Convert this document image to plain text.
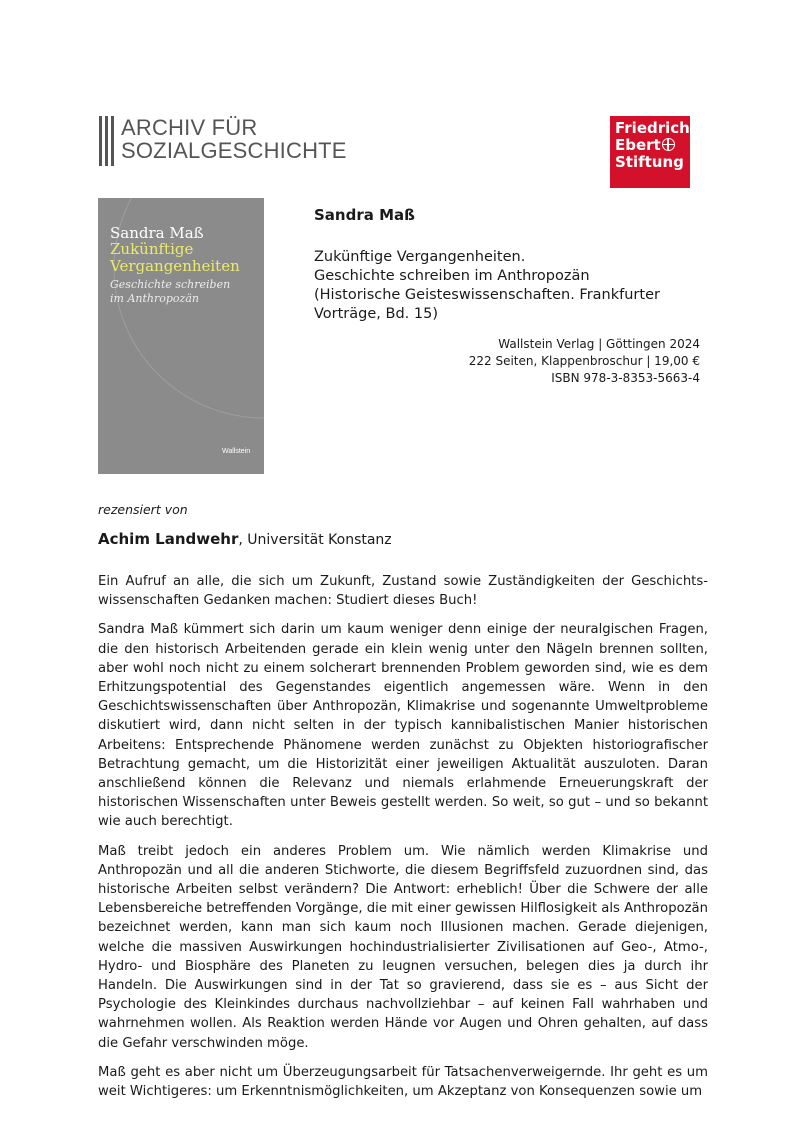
ARCHIV FÜR
SOZIALGESCHICHTE
Friedrich
Ebert
Stiftung
Sandra Maß
Zukünftige
Vergangenheiten
Geschichte schreiben
im Anthropozän
Wallstein
Sandra Maß
Zukünftige Vergangenheiten.
Geschichte schreiben im Anthropozän
(Historische Geisteswissenschaften. Frankfurter
Vorträge, Bd. 15)
Wallstein Verlag | Göttingen 2024
222 Seiten, Klappenbroschur | 19,00 €
ISBN 978-3-8353-5663-4
rezensiert von
Achim Landwehr, Universität Konstanz

Ein Aufruf an alle, die sich um Zukunft, Zustand sowie Zuständigkeiten der Geschichtswissenschaften Gedanken machen: Studiert dieses Buch!

Sandra Maß kümmert sich darin um kaum weniger denn einige der neuralgischen Fragen, die den historisch Arbeitenden gerade ein klein wenig unter den Nägeln brennen sollten, aber wohl noch nicht zu einem solcherart brennenden Problem geworden sind, wie es dem Erhitzungspotential des Gegenstandes eigentlich angemessen wäre. Wenn in den Geschichtswissenschaften über Anthropozän, Klimakrise und sogenannte Umweltprobleme diskutiert wird, dann nicht selten in der typisch kannibalistischen Manier historischen Arbeitens: Entsprechende Phänomene werden zunächst zu Objekten historiografischer Betrachtung gemacht, um die Historizität einer jeweiligen Aktualität auszuloten. Daran anschließend können die Relevanz und niemals erlahmende Erneuerungskraft der historischen Wissenschaften unter Beweis gestellt werden. So weit, so gut – und so bekannt wie auch berechtigt.

Maß treibt jedoch ein anderes Problem um. Wie nämlich werden Klimakrise und Anthropozän und all die anderen Stichworte, die diesem Begriffsfeld zuzuordnen sind, das historische Arbeiten selbst verändern? Die Antwort: erheblich! Über die Schwere der alle Lebensbereiche betreffenden Vorgänge, die mit einer gewissen Hilflosigkeit als Anthropozän bezeichnet werden, kann man sich kaum noch Illusionen machen. Gerade diejenigen, welche die massiven Auswirkungen hochindustrialisierter Zivilisationen auf Geo-, Atmo-, Hydro- und Biosphäre des Planeten zu leugnen versuchen, belegen dies ja durch ihr Handeln. Die Auswirkungen sind in der Tat so gravierend, dass sie es – aus Sicht der Psychologie des Kleinkindes durchaus nachvollziehbar – auf keinen Fall wahrhaben und wahrnehmen wollen. Als Reaktion werden Hände vor Augen und Ohren gehalten, auf dass die Gefahr verschwinden möge.

Maß geht es aber nicht um Überzeugungsarbeit für Tatsachenverweigernde. Ihr geht es um weit Wichtigeres: um Erkenntnismöglichkeiten, um Akzeptanz von Konsequenzen sowie um
